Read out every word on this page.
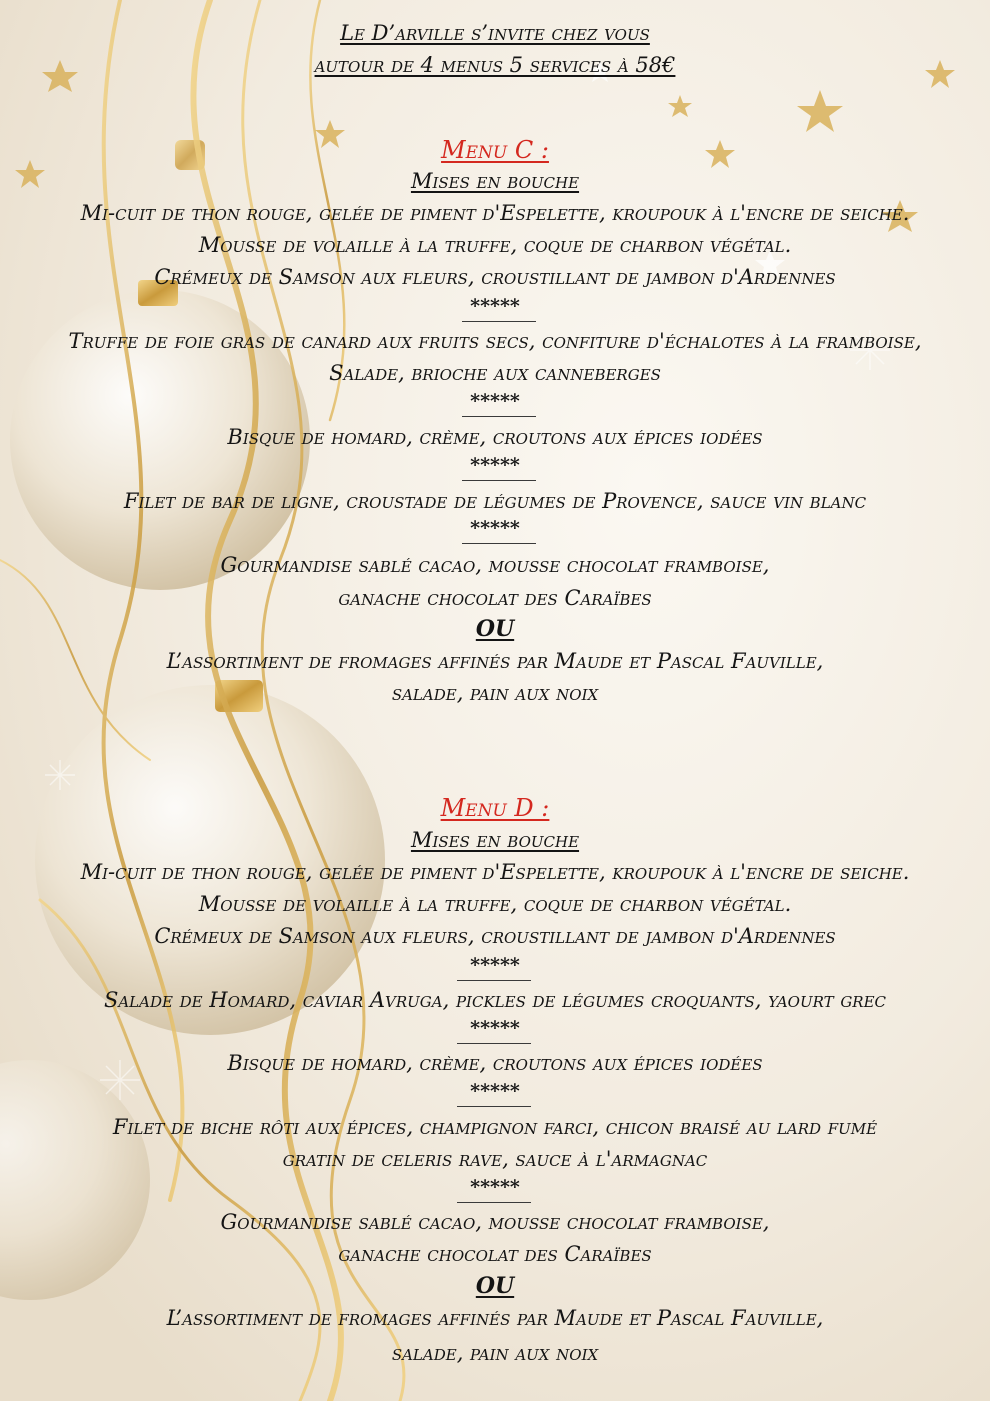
Le D’arville s’invite chez vous
autour de 4 menus 5 services à 58€
Menu C :
Mises en bouche
Mi-cuit de thon rouge, gelée de piment d'Espelette, kroupouk à l'encre de seiche.
Mousse de volaille à la truffe, coque de charbon végétal.
Crémeux de Samson aux fleurs, croustillant de jambon d'Ardennes
*****
Truffe de foie gras de canard aux fruits secs, confiture d'échalotes à la framboise,
Salade, brioche aux canneberges
*****
Bisque de homard, crème, croutons aux épices iodées
*****
Filet de bar de ligne, croustade de légumes de Provence, sauce vin blanc
*****
Gourmandise sablé cacao, mousse chocolat framboise,
ganache chocolat des Caraïbes
OU
L’assortiment de fromages affinés par Maude et Pascal Fauville,
salade, pain aux noix
Menu D :
Mises en bouche
Mi-cuit de thon rouge, gelée de piment d'Espelette, kroupouk à l'encre de seiche.
Mousse de volaille à la truffe, coque de charbon végétal.
Crémeux de Samson aux fleurs, croustillant de jambon d'Ardennes
*****
Salade de Homard, caviar Avruga, pickles de légumes croquants, yaourt grec
*****
Bisque de homard, crème, croutons aux épices iodées
*****
Filet de biche rôti aux épices, champignon farci, chicon braisé au lard fumé
gratin de celeris rave, sauce à l'armagnac
*****
Gourmandise sablé cacao, mousse chocolat framboise,
ganache chocolat des Caraïbes
OU
L’assortiment de fromages affinés par Maude et Pascal Fauville,
salade, pain aux noix
